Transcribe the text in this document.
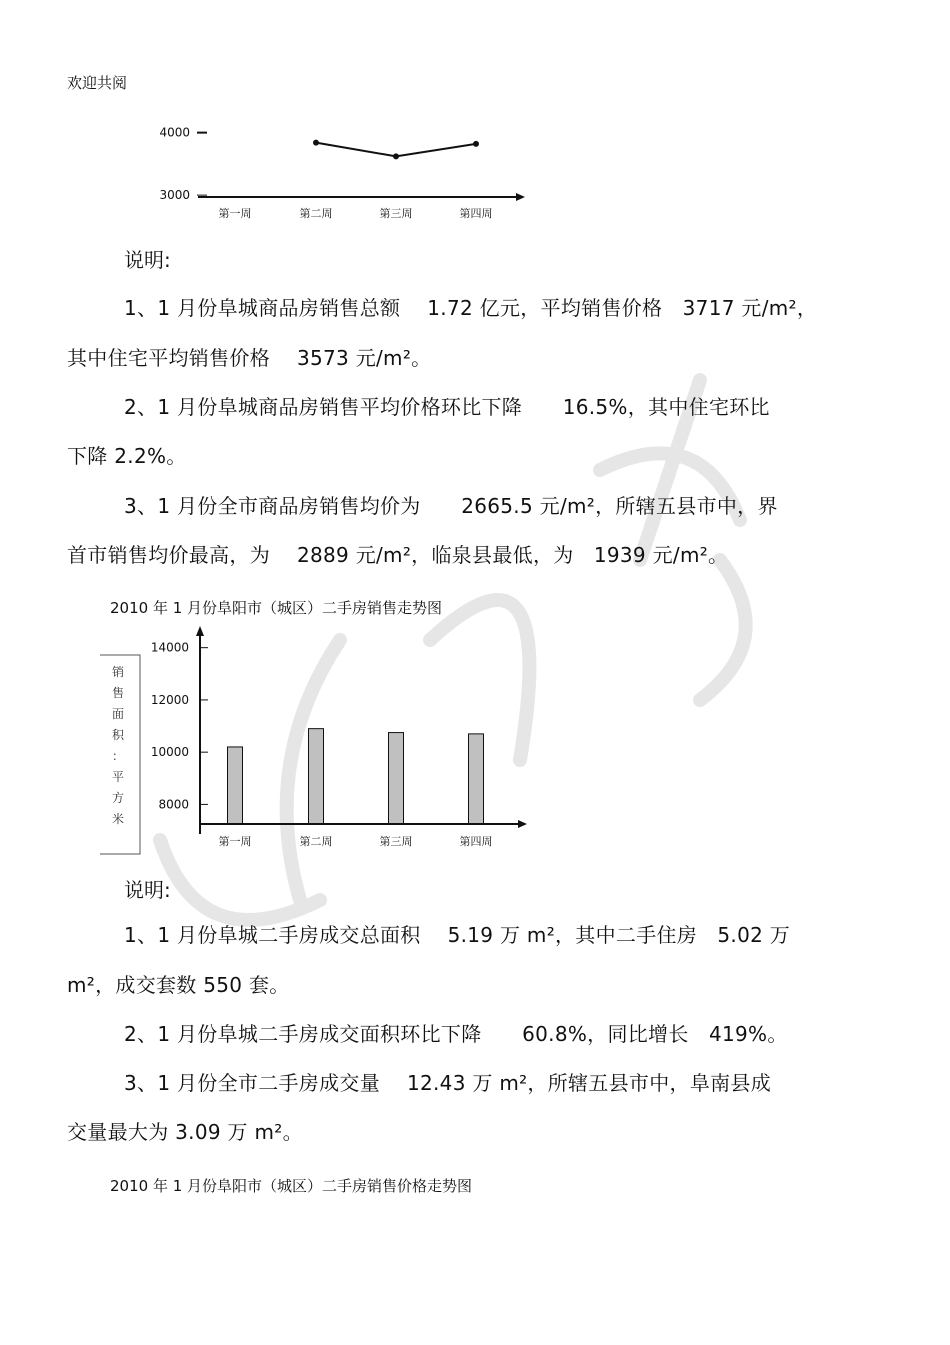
欢迎共阅
3000
4000
第一周	第二周	第三周	第四周
说明:
1、1 月份阜城商品房销售总额　 1.72 亿元，平均销售价格　3717 元/m²，
其中住宅平均销售价格　 3573 元/m²。
2、1 月份阜城商品房销售平均价格环比下降　　16.5%，其中住宅环比
下降 2.2%。
3、1 月份全市商品房销售均价为　　2665.5 元/m²，所辖五县市中，界
首市销售均价最高，为　 2889 元/m²，临泉县最低，为　1939 元/m²。
2010 年 1 月份阜阳市（城区）二手房销售走势图
销
售
面
积
：
平
方
米
8000
10000
12000
14000
第一周	第二周	第三周	第四周
说明:
1、1 月份阜城二手房成交总面积　 5.19 万 m²，其中二手住房　5.02 万
m²，成交套数 550 套。
2、1 月份阜城二手房成交面积环比下降　　60.8%，同比增长　419%。
3、1 月份全市二手房成交量　 12.43 万 m²，所辖五县市中，阜南县成
交量最大为 3.09 万 m²。
2010 年 1 月份阜阳市（城区）二手房销售价格走势图
